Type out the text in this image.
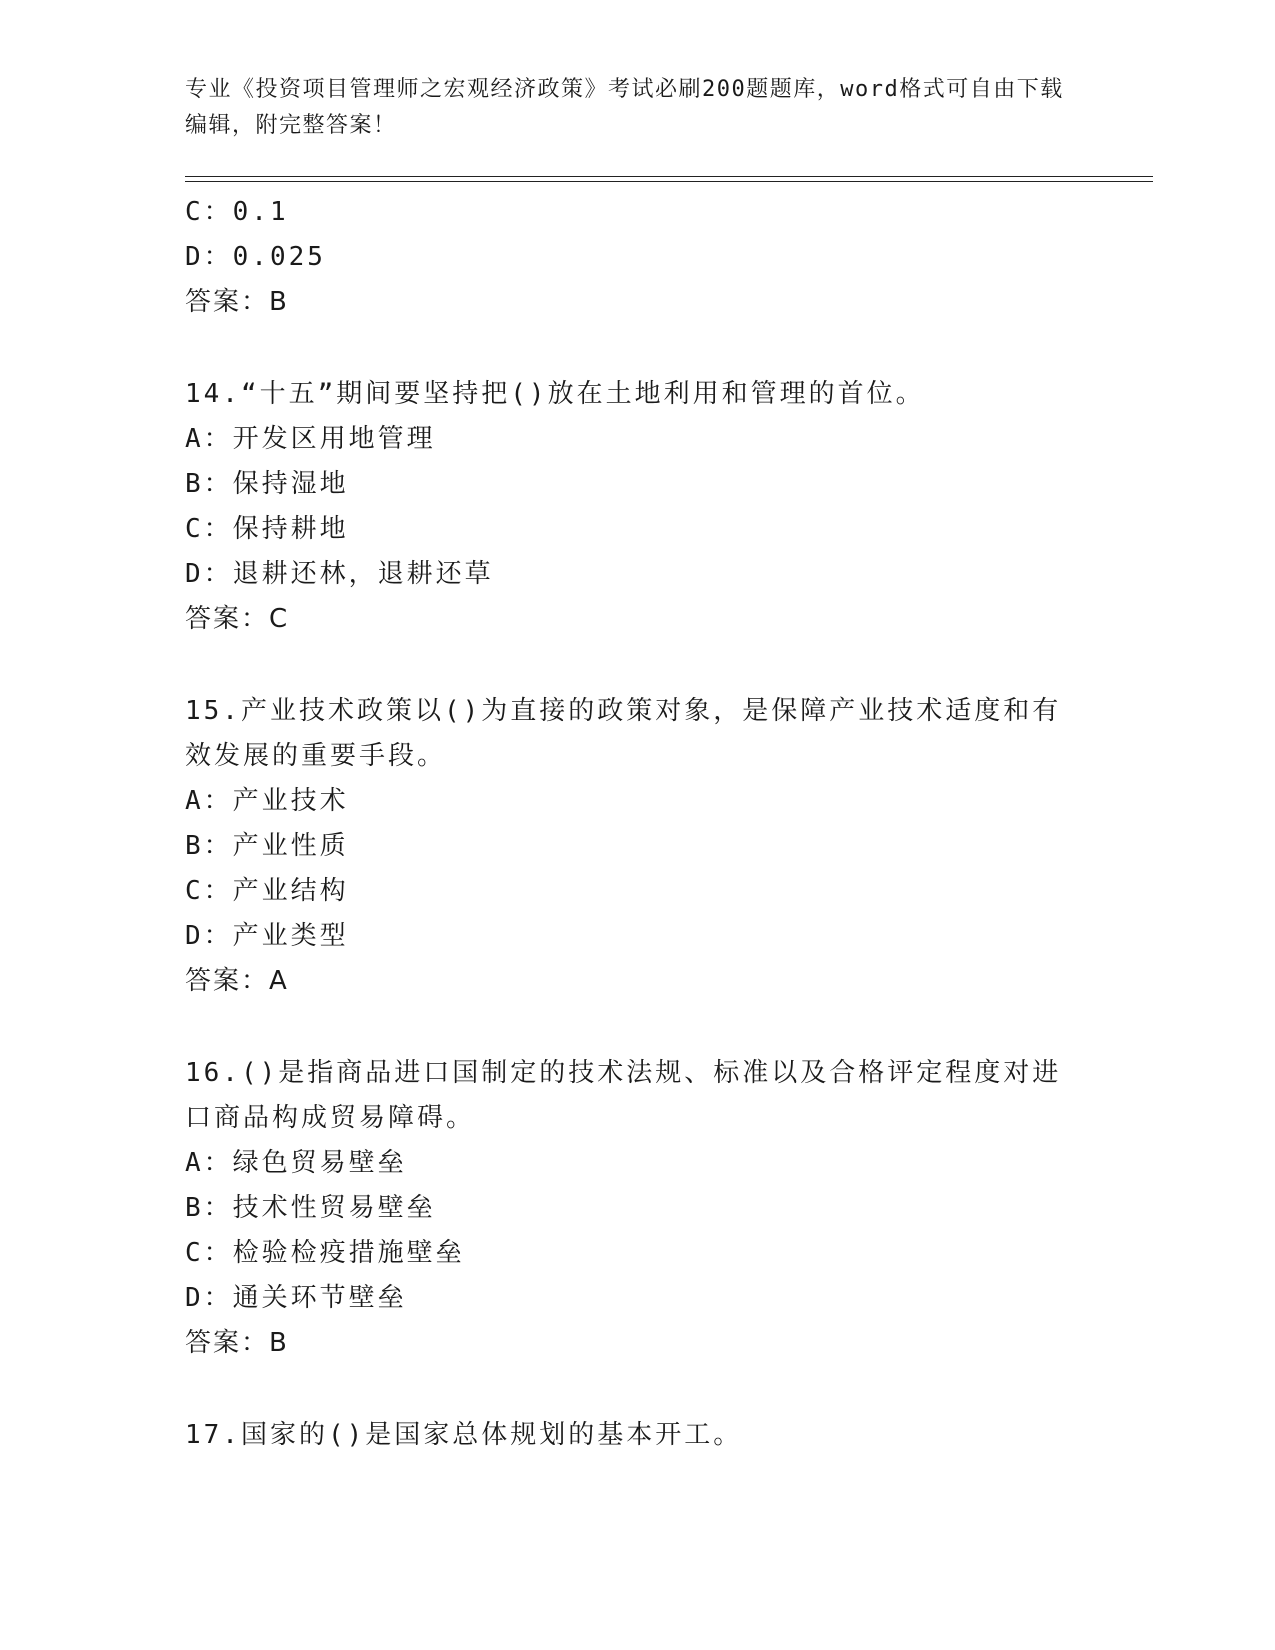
专业《投资项目管理师之宏观经济政策》考试必刷200题题库，word格式可自由下载编辑，附完整答案！
C：0.1
D：0.025
答案：B
14.“十五”期间要坚持把()放在土地利用和管理的首位。
A：开发区用地管理
B：保持湿地
C：保持耕地
D：退耕还林，退耕还草
答案：C
15.产业技术政策以()为直接的政策对象，是保障产业技术适度和有效发展的重要手段。
A：产业技术
B：产业性质
C：产业结构
D：产业类型
答案：A
16.()是指商品进口国制定的技术法规、标准以及合格评定程度对进口商品构成贸易障碍。
A：绿色贸易壁垒
B：技术性贸易壁垒
C：检验检疫措施壁垒
D：通关环节壁垒
答案：B
17.国家的()是国家总体规划的基本开工。
